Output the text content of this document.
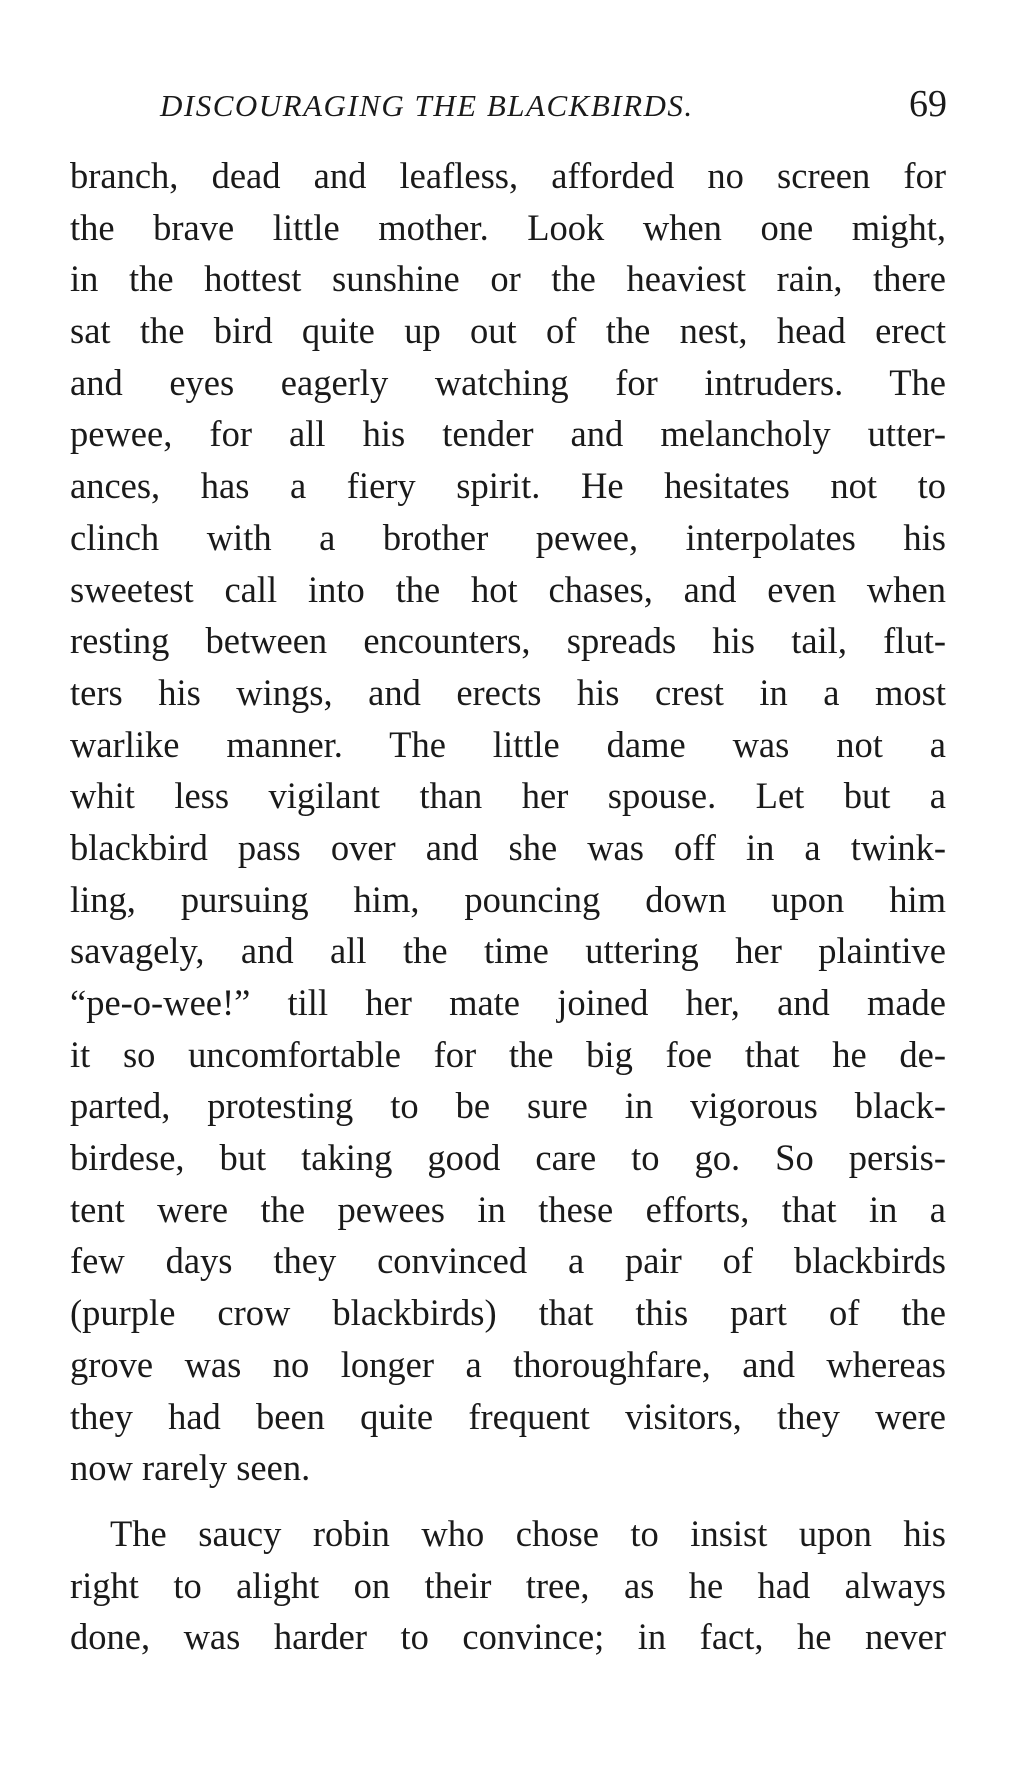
DISCOURAGING THE BLACKBIRDS.	69
branch, dead and leafless, afforded no screen for
the brave little mother. Look when one might,
in the hottest sunshine or the heaviest rain, there
sat the bird quite up out of the nest, head erect
and eyes eagerly watching for intruders. The
pewee, for all his tender and melancholy utter-
ances, has a fiery spirit. He hesitates not to
clinch with a brother pewee, interpolates his
sweetest call into the hot chases, and even when
resting between encounters, spreads his tail, flut-
ters his wings, and erects his crest in a most
warlike manner. The little dame was not a
whit less vigilant than her spouse. Let but a
blackbird pass over and she was off in a twink-
ling, pursuing him, pouncing down upon him
savagely, and all the time uttering her plaintive
“pe-o-wee!” till her mate joined her, and made
it so uncomfortable for the big foe that he de-
parted, protesting to be sure in vigorous black-
birdese, but taking good care to go. So persis-
tent were the pewees in these efforts, that in a
few days they convinced a pair of blackbirds
(purple crow blackbirds) that this part of the
grove was no longer a thoroughfare, and whereas
they had been quite frequent visitors, they were
now rarely seen.
The saucy robin who chose to insist upon his
right to alight on their tree, as he had always
done, was harder to convince; in fact, he never
